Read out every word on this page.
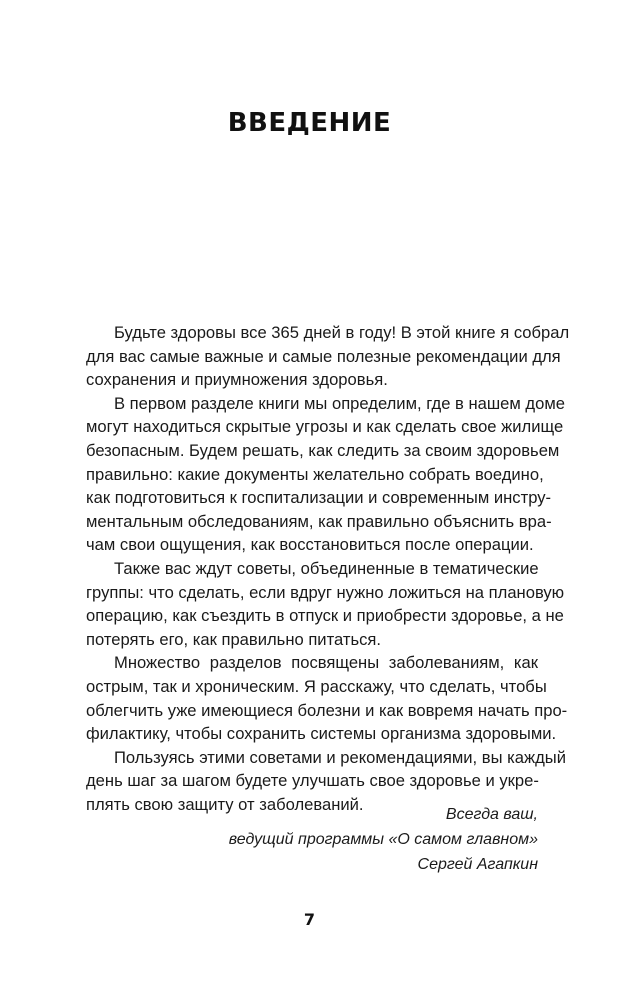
ВВЕДЕНИЕ
Будьте здоровы все 365 дней в году! В этой книге я собрал
для вас самые важные и самые полезные рекомендации для
сохранения и приумножения здоровья.
В первом разделе книги мы определим, где в нашем доме
могут находиться скрытые угрозы и как сделать свое жилище
безопасным. Будем решать, как следить за своим здоровьем
правильно: какие документы желательно собрать воедино,
как подготовиться к госпитализации и современным инстру-
ментальным обследованиям, как правильно объяснить вра-
чам свои ощущения, как восстановиться после операции.
Также вас ждут советы, объединенные в тематические
группы: что сделать, если вдруг нужно ложиться на плановую
операцию, как съездить в отпуск и приобрести здоровье, а не
потерять его, как правильно питаться.
Множество разделов посвящены заболеваниям, как
острым, так и хроническим. Я расскажу, что сделать, чтобы
облегчить уже имеющиеся болезни и как вовремя начать про-
филактику, чтобы сохранить системы организма здоровыми.
Пользуясь этими советами и рекомендациями, вы каждый
день шаг за шагом будете улучшать свое здоровье и укре-
плять свою защиту от заболеваний.
Всегда ваш,
ведущий программы «О самом главном»
Сергей Агапкин
7
